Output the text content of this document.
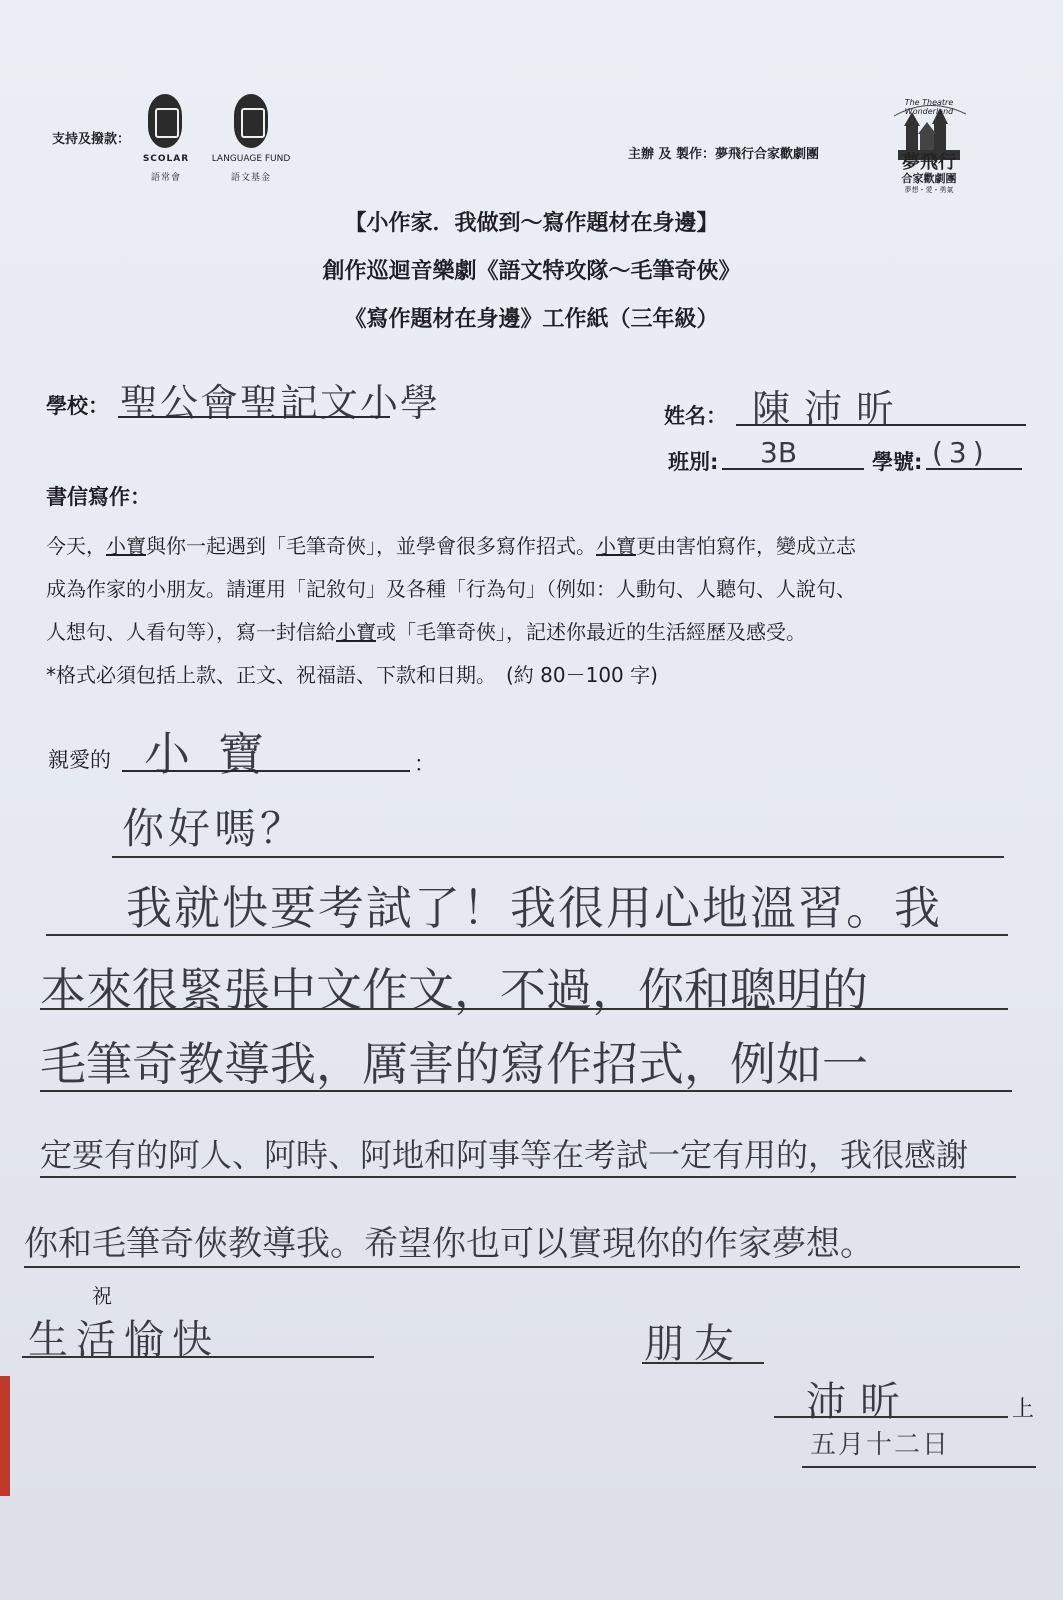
支持及撥款：
SCOLAR
語常會
LANGUAGE FUND
語文基金
主辦 及 製作：夢飛行合家歡劇團
The Theatre Wonderland
夢飛行
合家歡劇團
夢想・愛・勇氣
【小作家．我做到～寫作題材在身邊】
創作巡迴音樂劇《語文特攻隊～毛筆奇俠》
《寫作題材在身邊》工作紙（三年級）
學校： 聖公會聖記文小學	姓名： 陳沛昕
班別: 3B	學號: (3)
書信寫作：
今天，小寶與你一起遇到「毛筆奇俠」，並學會很多寫作招式。小寶更由害怕寫作，變成立志
成為作家的小朋友。請運用「記敘句」及各種「行為句」（例如：人動句、人聽句、人說句、
人想句、人看句等），寫一封信給小寶或「毛筆奇俠」，記述你最近的生活經歷及感受。
*格式必須包括上款、正文、祝福語、下款和日期。　(約 80－100 字)
親愛的 小寶	：
你好嗎？
我就快要考試了！我很用心地溫習。我
本來很緊張中文作文，不過，你和聰明的
毛筆奇教導我，厲害的寫作招式，例如一
定要有的阿人、阿時、阿地和阿事等在考試一定有用的，我很感謝
你和毛筆奇俠教導我。希望你也可以實現你的作家夢想。
祝
生活愉快	朋友
沛昕	上
五月十二日
